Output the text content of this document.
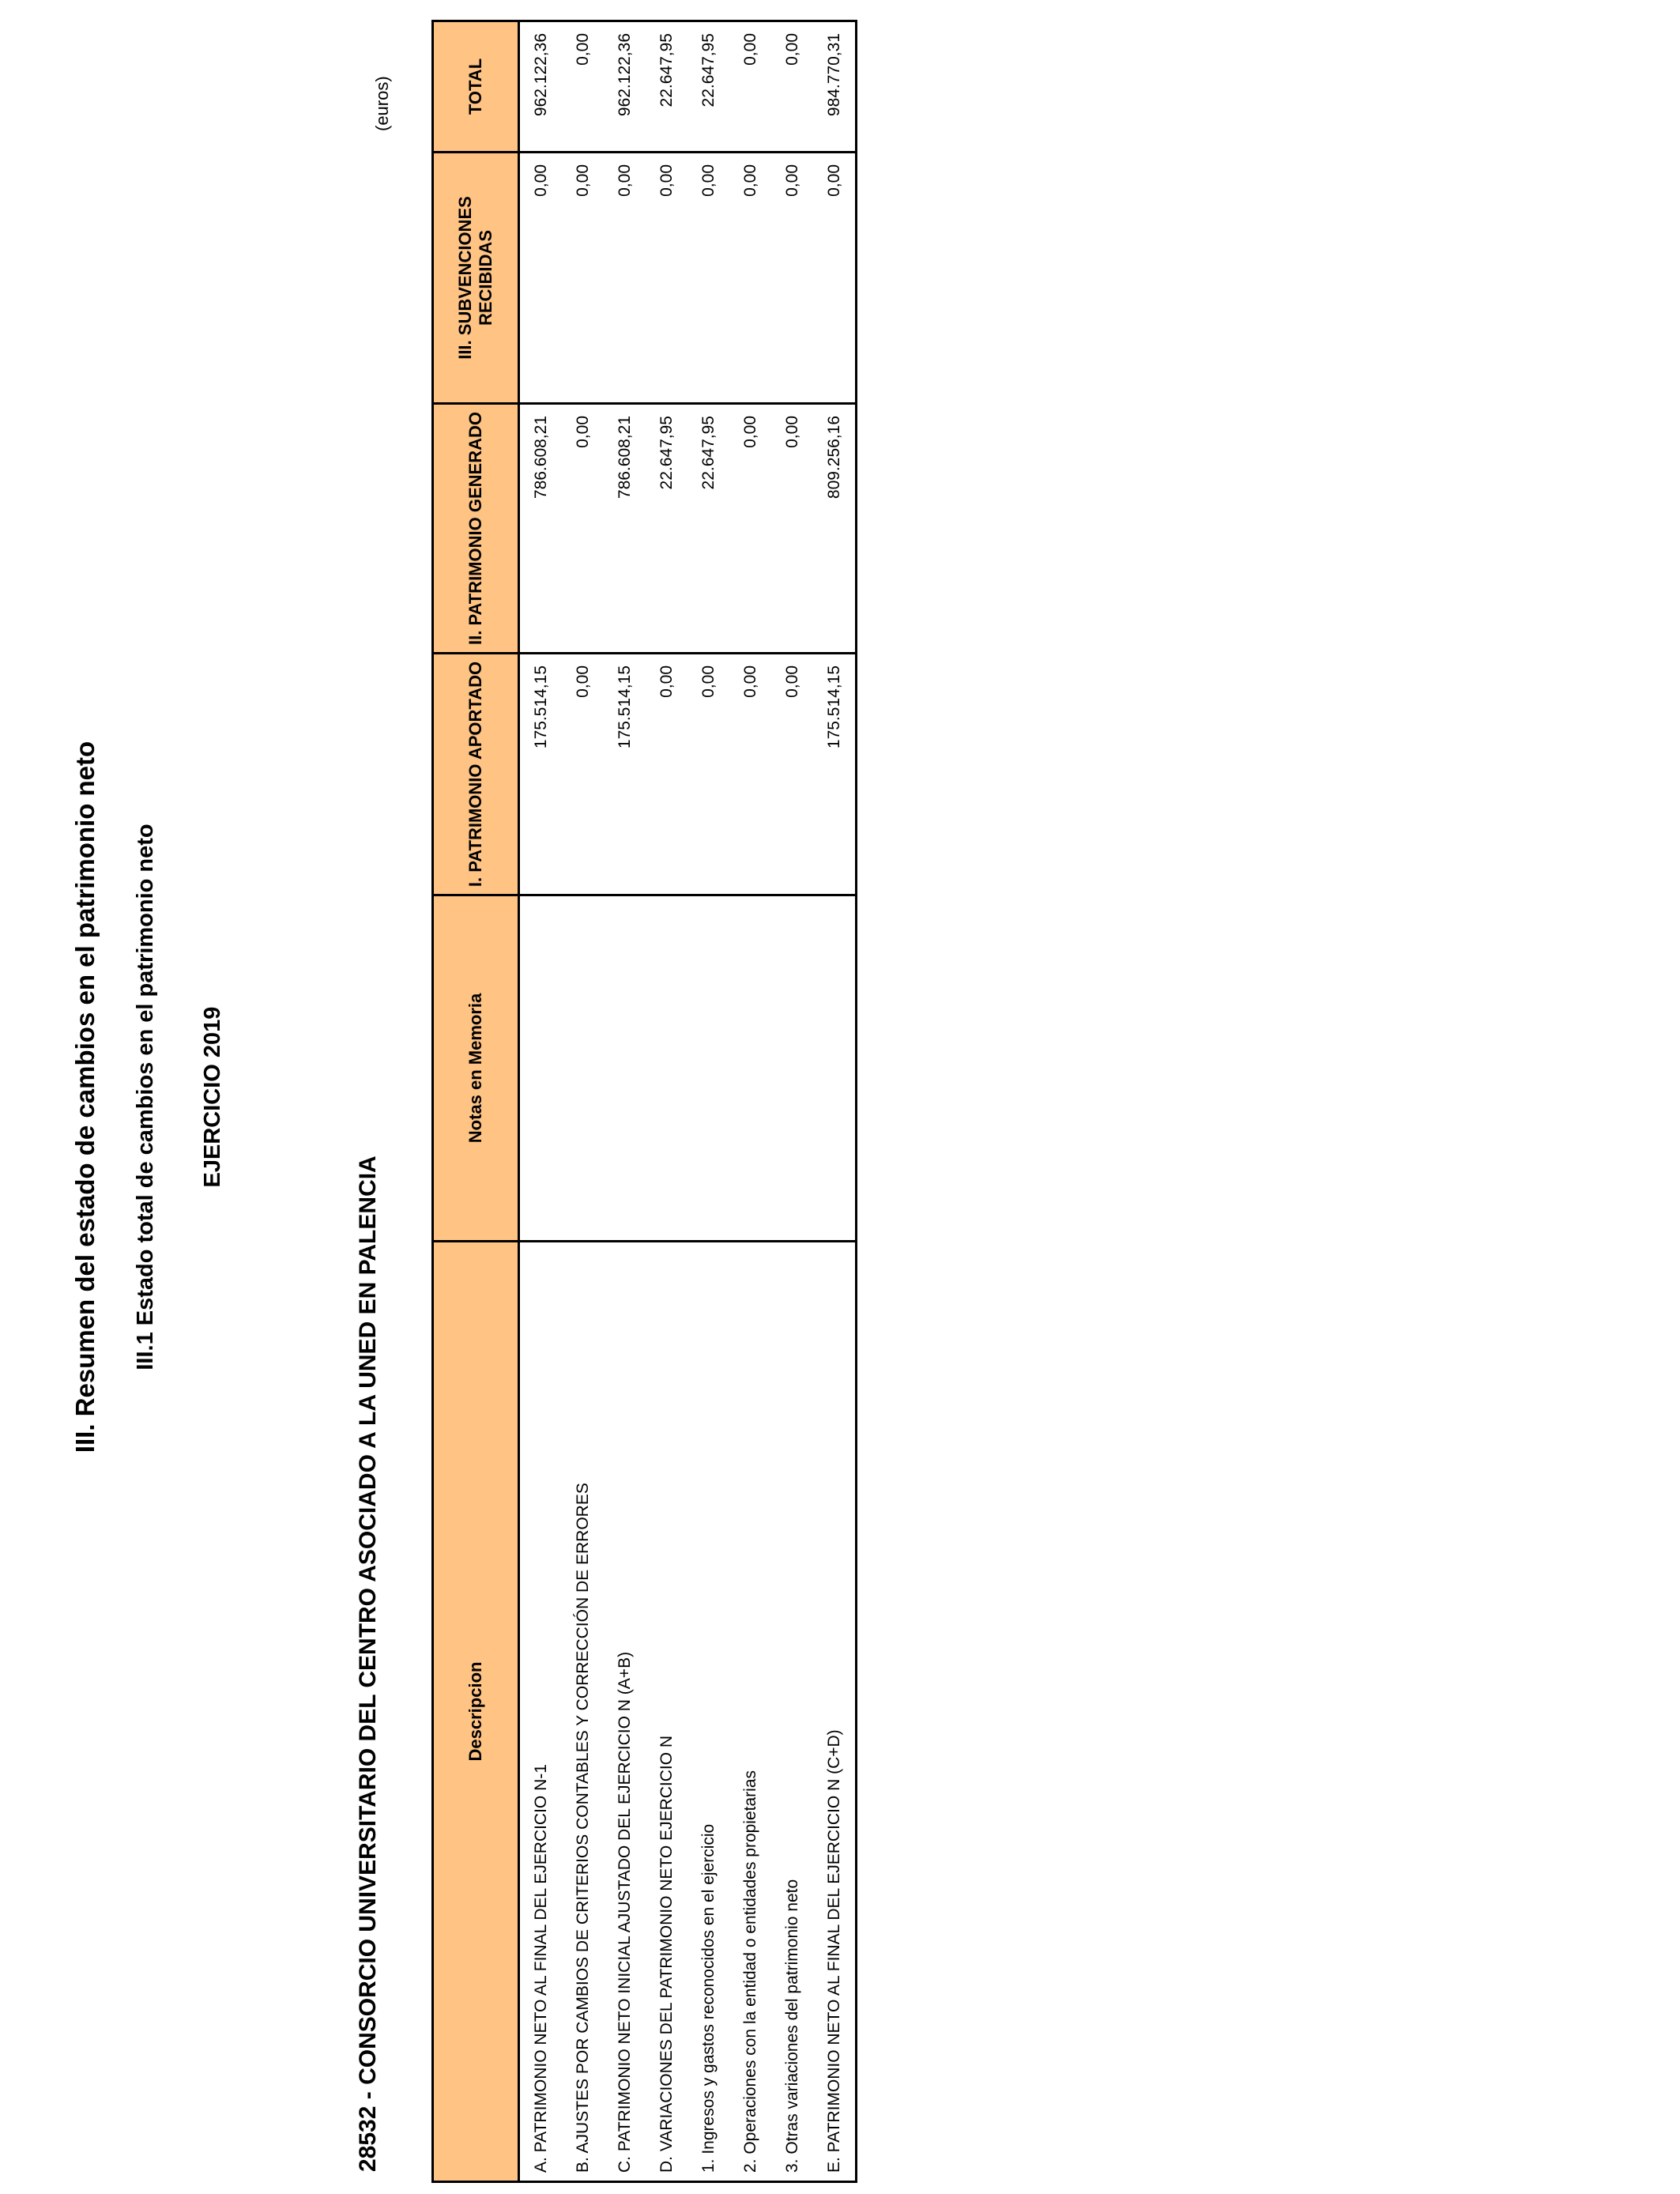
III. Resumen del estado de cambios en el patrimonio neto III.1 Estado total de cambios en el patrimonio neto EJERCICIO 2019
28532 - CONSORCIO UNIVERSITARIO DEL CENTRO ASOCIADO A LA UNED EN PALENCIA
(euros)
Descripcion	Notas en Memoria	I. PATRIMONIO APORTADO	II. PATRIMONIO GENERADO	III. SUBVENCIONES RECIBIDAS	TOTAL
A. PATRIMONIO NETO AL FINAL DEL EJERCICIO N-1		175.514,15	786.608,21	0,00	962.122,36
B. AJUSTES POR CAMBIOS DE CRITERIOS CONTABLES Y CORRECCIÓN DE ERRORES		0,00	0,00	0,00	0,00
C. PATRIMONIO NETO INICIAL AJUSTADO DEL EJERCICIO N (A+B)		175.514,15	786.608,21	0,00	962.122,36
D. VARIACIONES DEL PATRIMONIO NETO EJERCICIO N		0,00	22.647,95	0,00	22.647,95
1. Ingresos y gastos reconocidos en el ejercicio		0,00	22.647,95	0,00	22.647,95
2. Operaciones con la entidad o entidades propietarias		0,00	0,00	0,00	0,00
3. Otras variaciones del patrimonio neto		0,00	0,00	0,00	0,00
E. PATRIMONIO NETO AL FINAL DEL EJERCICIO N (C+D)		175.514,15	809.256,16	0,00	984.770,31
